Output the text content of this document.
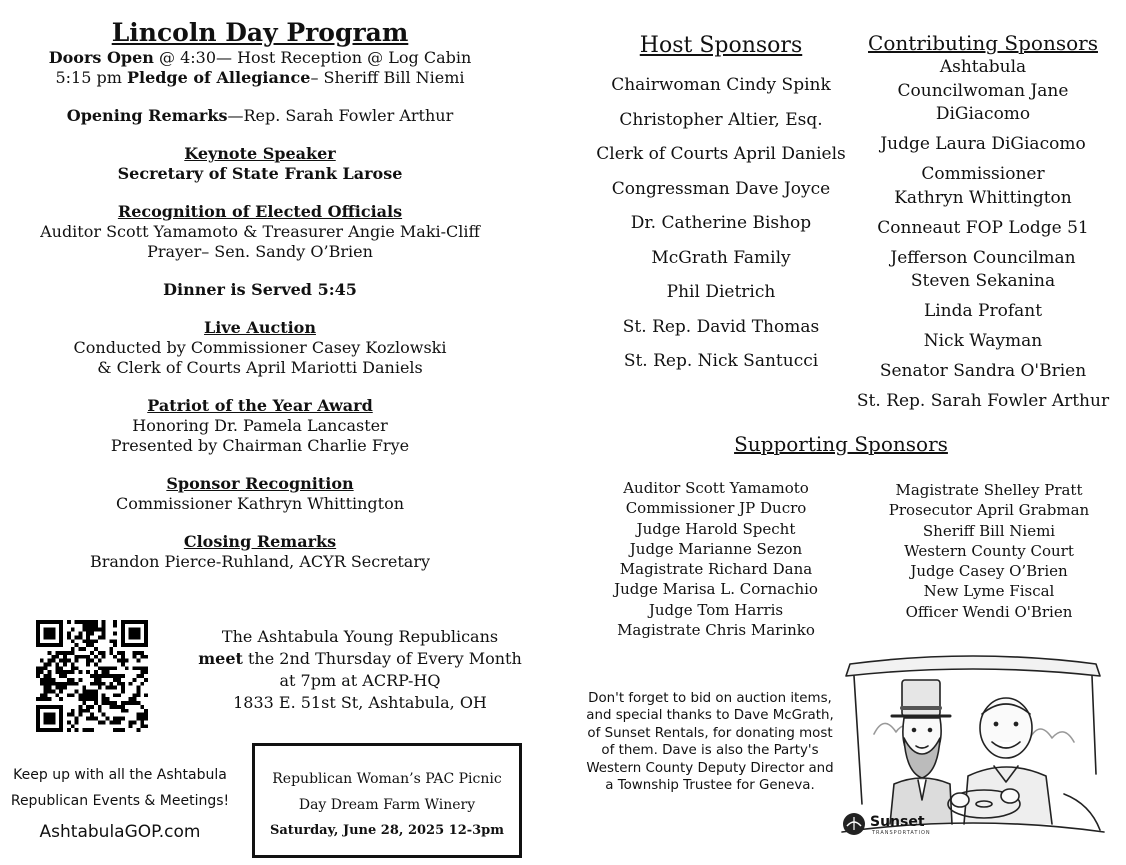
Lincoln Day Program
Doors Open @ 4:30— Host Reception @ Log Cabin
5:15 pm Pledge of Allegiance– Sheriff Bill Niemi
Opening Remarks—Rep. Sarah Fowler Arthur
Keynote Speaker
Secretary of State Frank Larose
Recognition of Elected Officials
Auditor Scott Yamamoto & Treasurer Angie Maki-Cliff
Prayer– Sen. Sandy O’Brien
Dinner is Served 5:45
Live Auction
Conducted by Commissioner Casey Kozlowski
& Clerk of Courts April Mariotti Daniels
Patriot of the Year Award
Honoring Dr. Pamela Lancaster
Presented by Chairman Charlie Frye
Sponsor Recognition
Commissioner Kathryn Whittington
Closing Remarks
Brandon Pierce-Ruhland, ACYR Secretary
The Ashtabula Young Republicans
meet the 2nd Thursday of Every Month
at 7pm at ACRP-HQ
1833 E. 51st St, Ashtabula, OH
Keep up with all the Ashtabula
Republican Events & Meetings!
AshtabulaGOP.com
Republican Woman’s PAC Picnic
Day Dream Farm Winery
Saturday, June 28, 2025 12-3pm
Host Sponsors
Chairwoman Cindy Spink
Christopher Altier, Esq.
Clerk of Courts April Daniels
Congressman Dave Joyce
Dr. Catherine Bishop
McGrath Family
Phil Dietrich
St. Rep. David Thomas
St. Rep. Nick Santucci
Contributing Sponsors
Ashtabula Councilwoman Jane DiGiacomo
Judge Laura DiGiacomo
Commissioner Kathryn Whittington
Conneaut FOP Lodge 51
Jefferson Councilman Steven Sekanina
Linda Profant
Nick Wayman
Senator Sandra O'Brien
St. Rep. Sarah Fowler Arthur
Supporting Sponsors
Auditor Scott Yamamoto
Commissioner JP Ducro
Judge Harold Specht
Judge Marianne Sezon
Magistrate Richard Dana
Judge Marisa L. Cornachio
Judge Tom Harris
Magistrate Chris Marinko
Magistrate Shelley Pratt
Prosecutor April Grabman
Sheriff Bill Niemi
Western County Court Judge Casey O’Brien
New Lyme Fiscal Officer Wendi O'Brien
Don't forget to bid on auction items, and special thanks to Dave McGrath, of Sunset Rentals, for donating most of them. Dave is also the Party's Western County Deputy Director and a Township Trustee for Geneva.
Sunset
TRANSPORTATION
